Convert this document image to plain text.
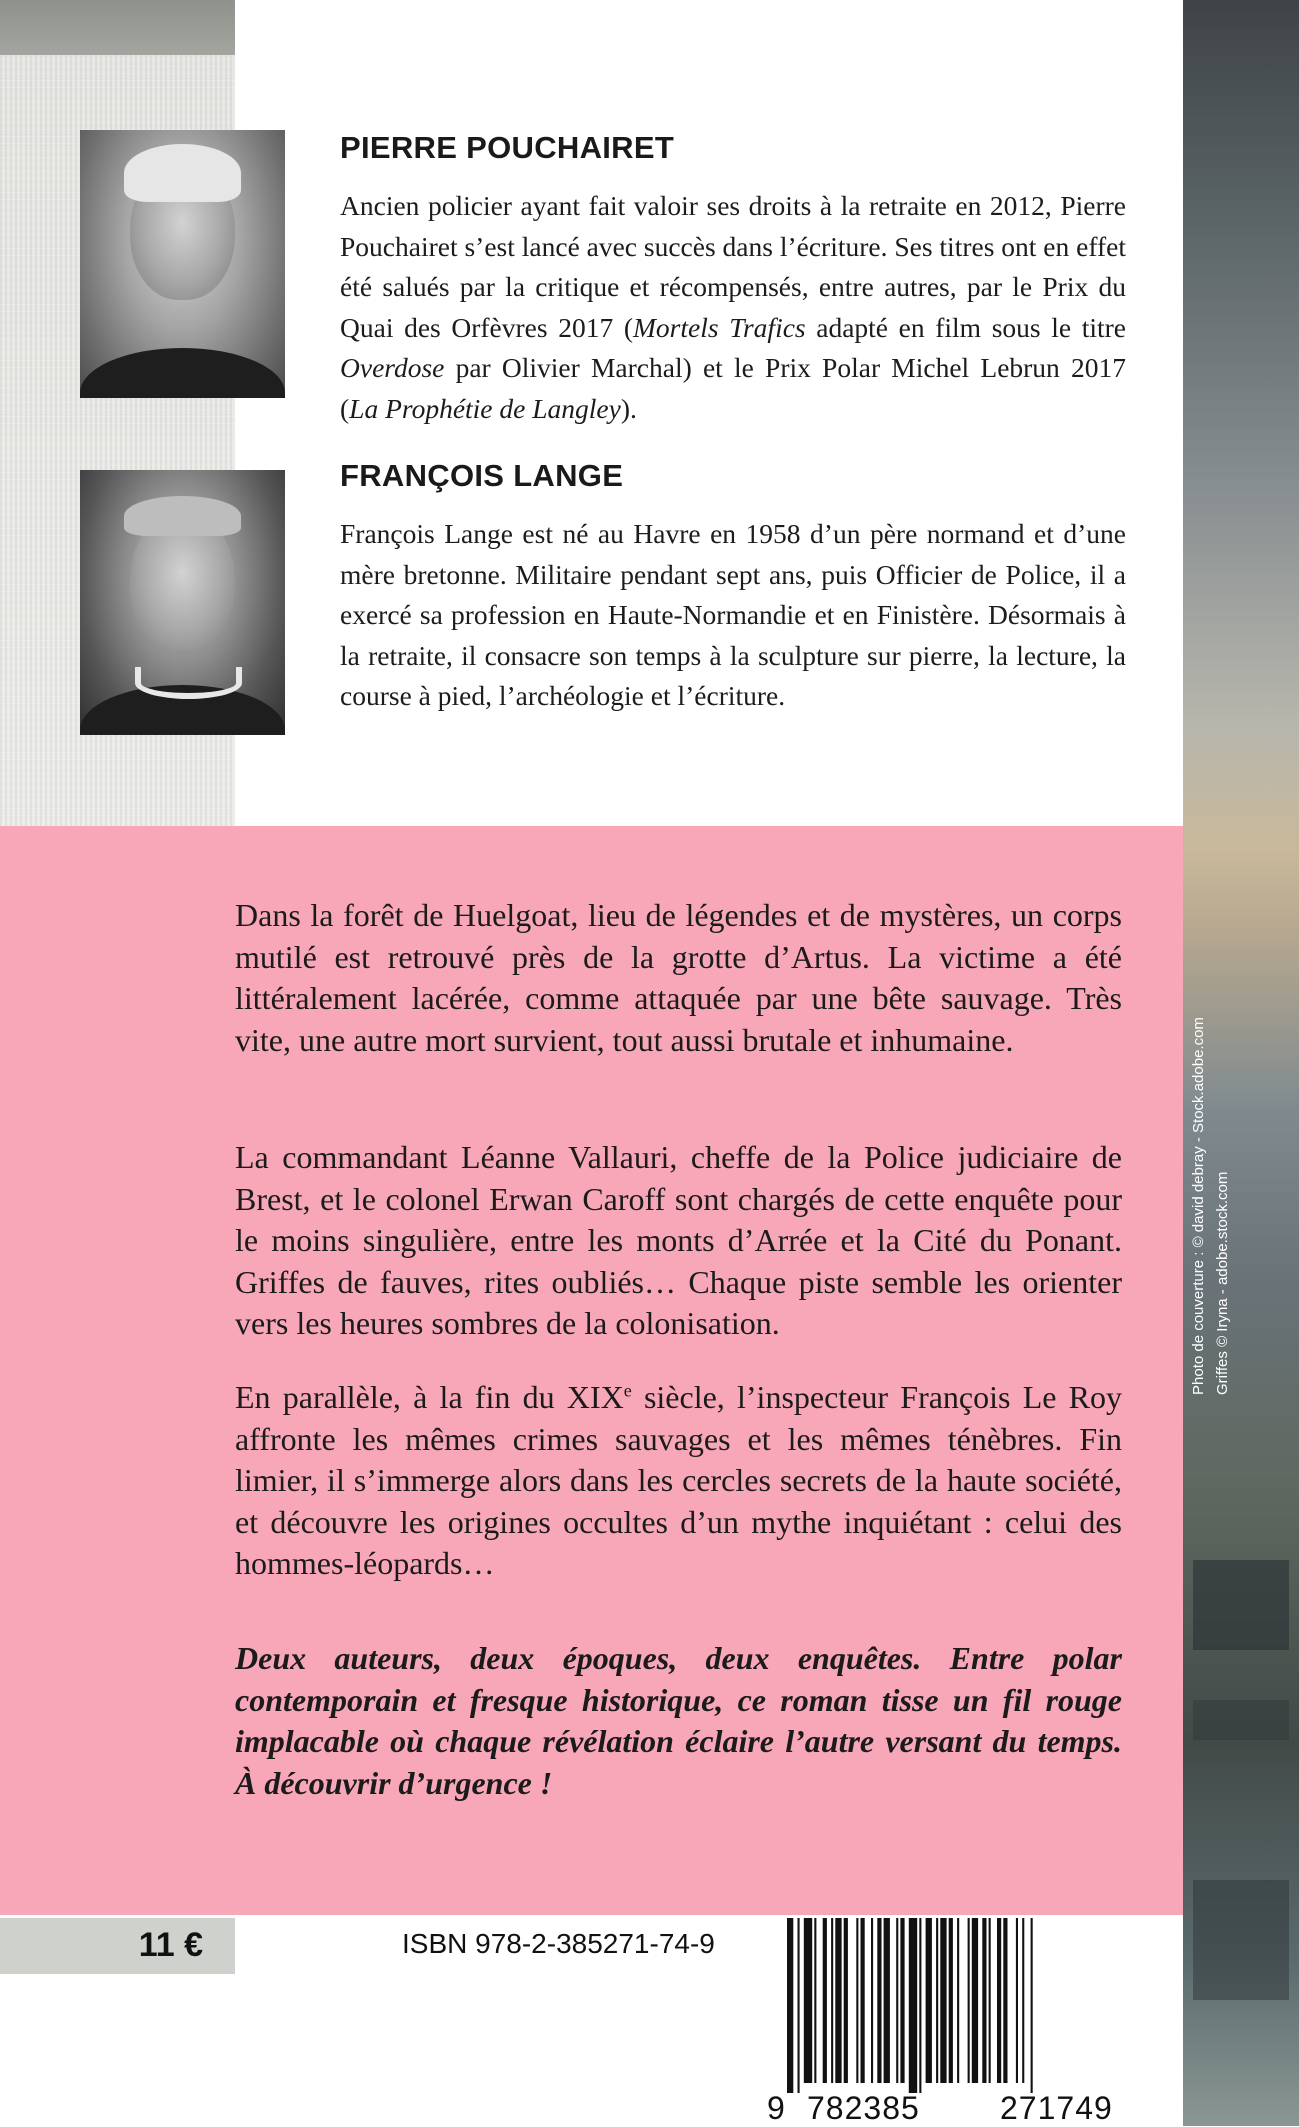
PIERRE POUCHAIRET

Ancien policier ayant fait valoir ses droits à la retraite en 2012, Pierre Pouchairet s’est lancé avec succès dans l’écriture. Ses titres ont en effet été salués par la critique et récompensés, entre autres, par le Prix du Quai des Orfèvres 2017 (Mortels Trafics adapté en film sous le titre Overdose par Olivier Marchal) et le Prix Polar Michel Lebrun 2017 (La Prophétie de Langley).

FRANÇOIS LANGE

François Lange est né au Havre en 1958 d’un père normand et d’une mère bretonne. Militaire pendant sept ans, puis Officier de Police, il a exercé sa profession en Haute-Normandie et en Finistère. Désormais à la retraite, il consacre son temps à la sculpture sur pierre, la lecture, la course à pied, l’archéologie et l’écriture.

Dans la forêt de Huelgoat, lieu de légendes et de mystères, un corps mutilé est retrouvé près de la grotte d’Artus. La victime a été littéralement lacérée, comme attaquée par une bête sauvage. Très vite, une autre mort survient, tout aussi brutale et inhumaine.

La commandant Léanne Vallauri, cheffe de la Police judiciaire de Brest, et le colonel Erwan Caroff sont chargés de cette enquête pour le moins singulière, entre les monts d’Arrée et la Cité du Ponant. Griffes de fauves, rites oubliés… Chaque piste semble les orienter vers les heures sombres de la colonisation.

En parallèle, à la fin du XIXe siècle, l’inspecteur François Le Roy affronte les mêmes crimes sauvages et les mêmes ténèbres. Fin limier, il s’immerge alors dans les cercles secrets de la haute société, et découvre les origines occultes d’un mythe inquiétant : celui des hommes-léopards…

Deux auteurs, deux époques, deux enquêtes. Entre polar contemporain et fresque historique, ce roman tisse un fil rouge implacable où chaque révélation éclaire l’autre versant du temps. À découvrir d’urgence !

Photo de couverture : © david debray - Stock.adobe.com Griffes © Iryna - adobe.stock.com
11 €	ISBN 978-2-385271-74-9
9 782385	271749
